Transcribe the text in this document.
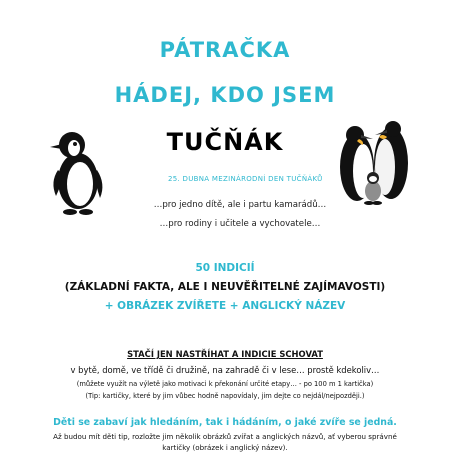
PÁTRAČKA
HÁDEJ, KDO JSEM
TUČŇÁK
25. DUBNA MEZINÁRODNÍ DEN TUČŇÁKŮ
…pro jedno dítě, ale i partu kamarádů…
…pro rodiny i učitele a vychovatele…
50 INDICIÍ
(ZÁKLADNÍ FAKTA, ALE I NEUVĚŘITELNÉ ZAJÍMAVOSTI)
+ OBRÁZEK ZVÍŘETE + ANGLICKÝ NÁZEV
STAČÍ JEN NASTŘÍHAT A INDICIE SCHOVAT
v bytě, domě, ve třídě či družině, na zahradě či v lese… prostě kdekoliv…
(můžete využít na výletě jako motivaci k překonání určité etapy… - po 100 m 1 kartička)
(Tip: kartičky, které by jim vůbec hodně napovídaly, jim dejte co nejdál/nejpozději.)
Děti se zabaví jak hledáním, tak i hádáním, o jaké zvíře se jedná.
Až budou mít děti tip, rozložte jim několik obrázků zvířat a anglických názvů, ať vyberou správné
kartičky (obrázek i anglický název).
